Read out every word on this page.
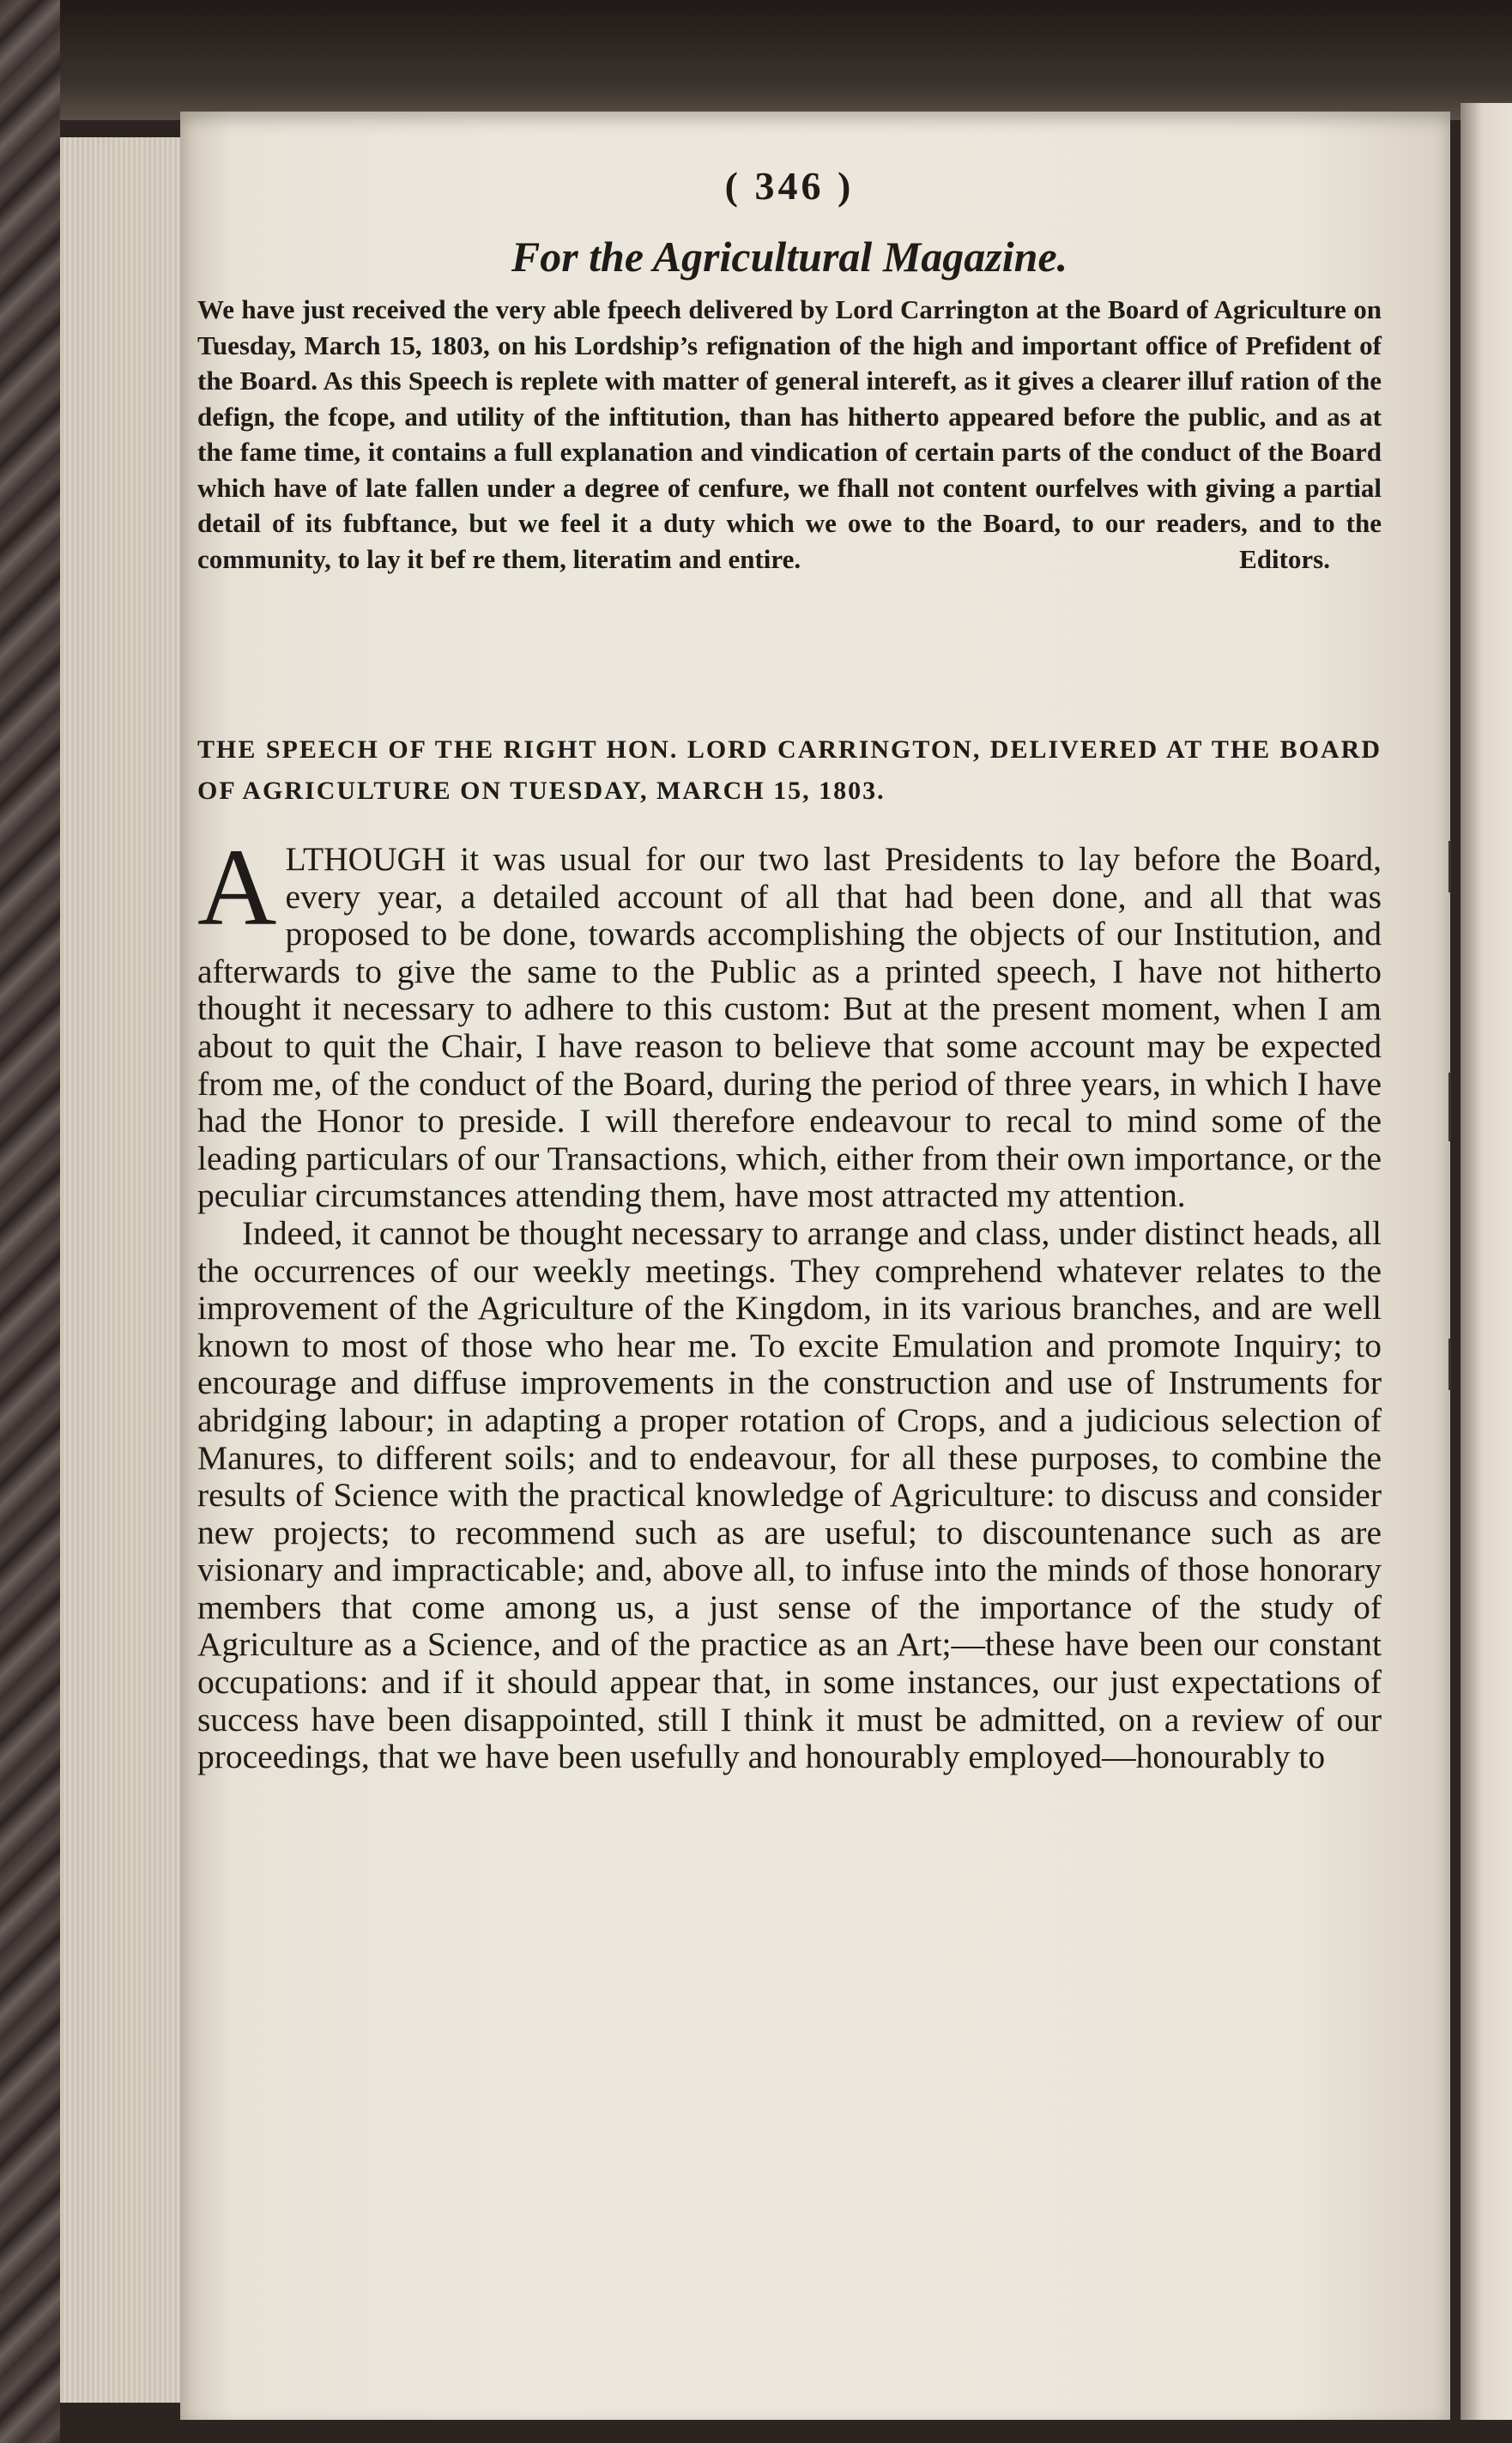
( 346 )
For the Agricultural Magazine.
We have just received the very able fpeech delivered by Lord Carrington at the Board of Agriculture on Tuesday, March 15, 1803, on his Lordship’s refignation of the high and important office of Prefident of the Board. As this Speech is replete with matter of general intereft, as it gives a clearer illuf ration of the defign, the fcope, and utility of the inftitution, than has hitherto appeared before the public, and as at the fame time, it contains a full explanation and vindication of certain parts of the conduct of the Board which have of late fallen under a degree of cenfure, we fhall not content ourfelves with giving a partial detail of its fubftance, but we feel it a duty which we owe to the Board, to our readers, and to the community, to lay it bef re them, literatim and entire.	Editors.
THE SPEECH OF THE RIGHT HON. LORD CARRINGTON, DELIVERED AT THE BOARD OF AGRICULTURE ON TUESDAY, MARCH 15, 1803.

ALTHOUGH it was usual for our two last Presidents to lay before the Board, every year, a detailed account of all that had been done, and all that was proposed to be done, towards accomplishing the objects of our Institution, and afterwards to give the same to the Public as a printed speech, I have not hitherto thought it necessary to adhere to this custom: But at the present moment, when I am about to quit the Chair, I have reason to believe that some account may be expected from me, of the conduct of the Board, during the period of three years, in which I have had the Honor to preside. I will therefore endeavour to recal to mind some of the leading particulars of our Transactions, which, either from their own importance, or the peculiar circumstances attending them, have most attracted my attention.

Indeed, it cannot be thought necessary to arrange and class, under distinct heads, all the occurrences of our weekly meetings. They comprehend whatever relates to the improvement of the Agriculture of the Kingdom, in its various branches, and are well known to most of those who hear me. To excite Emulation and promote Inquiry; to encourage and diffuse improvements in the construction and use of Instruments for abridging labour; in adapting a proper rotation of Crops, and a judicious selection of Manures, to different soils; and to endeavour, for all these purposes, to combine the results of Science with the practical knowledge of Agriculture: to discuss and consider new projects; to recommend such as are useful; to discountenance such as are visionary and impracticable; and, above all, to infuse into the minds of those honorary members that come among us, a just sense of the importance of the study of Agriculture as a Science, and of the practice as an Art;—these have been our constant occupations: and if it should appear that, in some instances, our just expectations of success have been disappointed, still I think it must be admitted, on a review of our proceedings, that we have been usefully and honourably employed—honourably to
